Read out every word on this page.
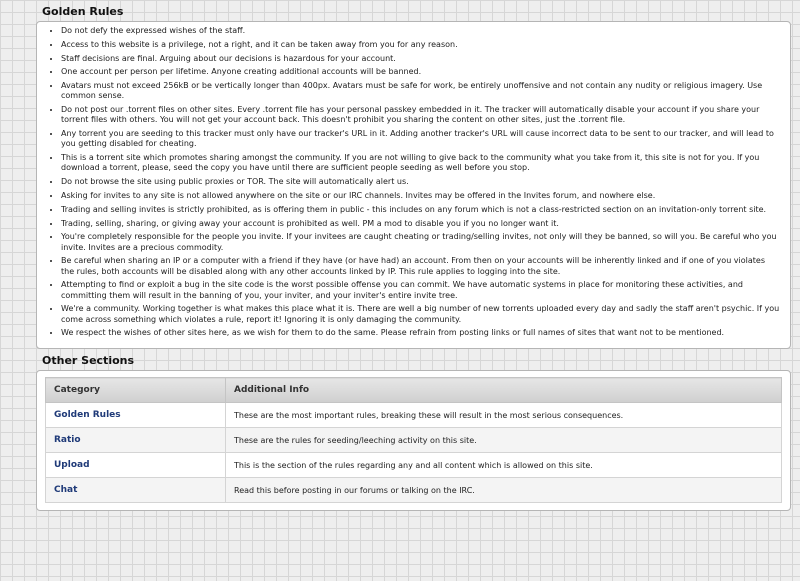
Golden Rules
• Do not defy the expressed wishes of the staff.
• Access to this website is a privilege, not a right, and it can be taken away from you for any reason.
• Staff decisions are final. Arguing about our decisions is hazardous for your account.
• One account per person per lifetime. Anyone creating additional accounts will be banned.
• Avatars must not exceed 256kB or be vertically longer than 400px. Avatars must be safe for work, be entirely unoffensive and not contain any nudity or religious imagery. Use common sense.
• Do not post our .torrent files on other sites. Every .torrent file has your personal passkey embedded in it. The tracker will automatically disable your account if you share your torrent files with others. You will not get your account back. This doesn't prohibit you sharing the content on other sites, just the .torrent file.
• Any torrent you are seeding to this tracker must only have our tracker's URL in it. Adding another tracker's URL will cause incorrect data to be sent to our tracker, and will lead to you getting disabled for cheating.
• This is a torrent site which promotes sharing amongst the community. If you are not willing to give back to the community what you take from it, this site is not for you. If you download a torrent, please, seed the copy you have until there are sufficient people seeding as well before you stop.
• Do not browse the site using public proxies or TOR. The site will automatically alert us.
• Asking for invites to any site is not allowed anywhere on the site or our IRC channels. Invites may be offered in the Invites forum, and nowhere else.
• Trading and selling invites is strictly prohibited, as is offering them in public - this includes on any forum which is not a class-restricted section on an invitation-only torrent site.
• Trading, selling, sharing, or giving away your account is prohibited as well. PM a mod to disable you if you no longer want it.
• You're completely responsible for the people you invite. If your invitees are caught cheating or trading/selling invites, not only will they be banned, so will you. Be careful who you invite. Invites are a precious commodity.
• Be careful when sharing an IP or a computer with a friend if they have (or have had) an account. From then on your accounts will be inherently linked and if one of you violates the rules, both accounts will be disabled along with any other accounts linked by IP. This rule applies to logging into the site.
• Attempting to find or exploit a bug in the site code is the worst possible offense you can commit. We have automatic systems in place for monitoring these activities, and committing them will result in the banning of you, your inviter, and your inviter's entire invite tree.
• We're a community. Working together is what makes this place what it is. There are well a big number of new torrents uploaded every day and sadly the staff aren't psychic. If you come across something which violates a rule, report it! Ignoring it is only damaging the community.
• We respect the wishes of other sites here, as we wish for them to do the same. Please refrain from posting links or full names of sites that want not to be mentioned.
Other Sections
Category	Additional Info
Golden Rules	These are the most important rules, breaking these will result in the most serious consequences.
Ratio	These are the rules for seeding/leeching activity on this site.
Upload	This is the section of the rules regarding any and all content which is allowed on this site.
Chat	Read this before posting in our forums or talking on the IRC.
